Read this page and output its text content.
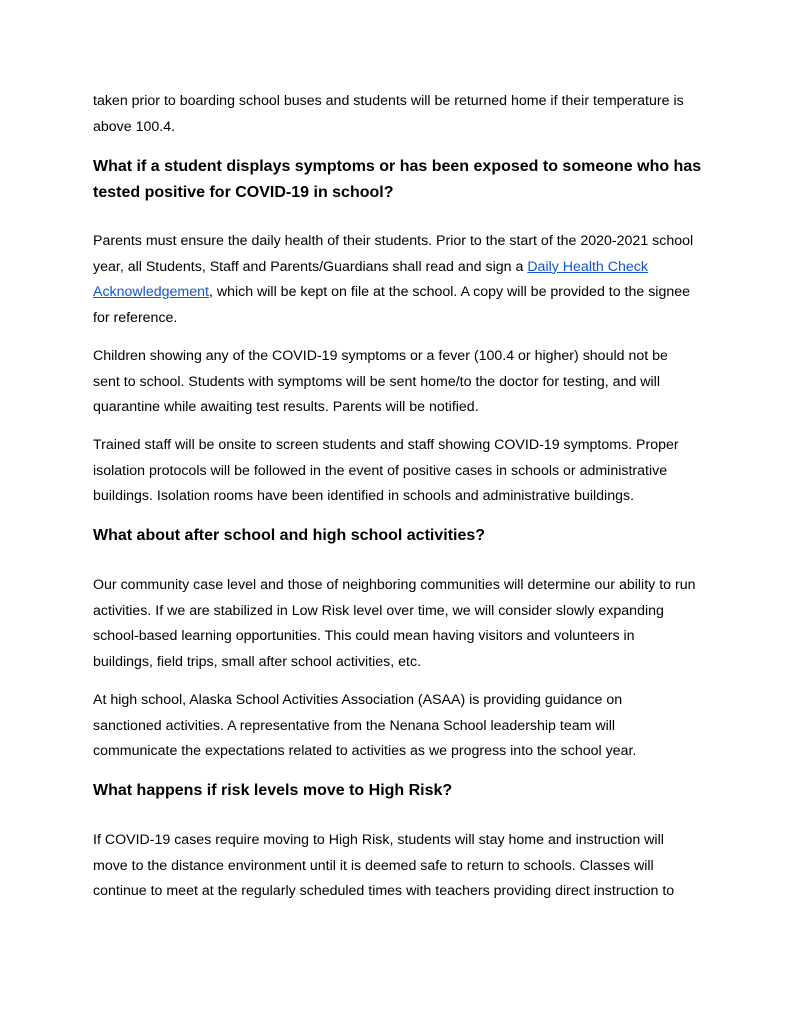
taken prior to boarding school buses and students will be returned home if their temperature is
above 100.4.

What if a student displays symptoms or has been exposed to someone who has
tested positive for COVID-19 in school?

Parents must ensure the daily health of their students. Prior to the start of the 2020-2021 school
year, all Students, Staff and Parents/Guardians shall read and sign a Daily Health Check
Acknowledgement, which will be kept on file at the school. A copy will be provided to the signee
for reference.

Children showing any of the COVID-19 symptoms or a fever (100.4 or higher) should not be
sent to school. Students with symptoms will be sent home/to the doctor for testing, and will
quarantine while awaiting test results. Parents will be notified.

Trained staff will be onsite to screen students and staff showing COVID-19 symptoms. Proper
isolation protocols will be followed in the event of positive cases in schools or administrative
buildings. Isolation rooms have been identified in schools and administrative buildings.

What about after school and high school activities?

Our community case level and those of neighboring communities will determine our ability to run
activities. If we are stabilized in Low Risk level over time, we will consider slowly expanding
school-based learning opportunities. This could mean having visitors and volunteers in
buildings, field trips, small after school activities, etc.

At high school, Alaska School Activities Association (ASAA) is providing guidance on
sanctioned activities. A representative from the Nenana School leadership team will
communicate the expectations related to activities as we progress into the school year.

What happens if risk levels move to High Risk?

If COVID-19 cases require moving to High Risk, students will stay home and instruction will
move to the distance environment until it is deemed safe to return to schools. Classes will
continue to meet at the regularly scheduled times with teachers providing direct instruction to
